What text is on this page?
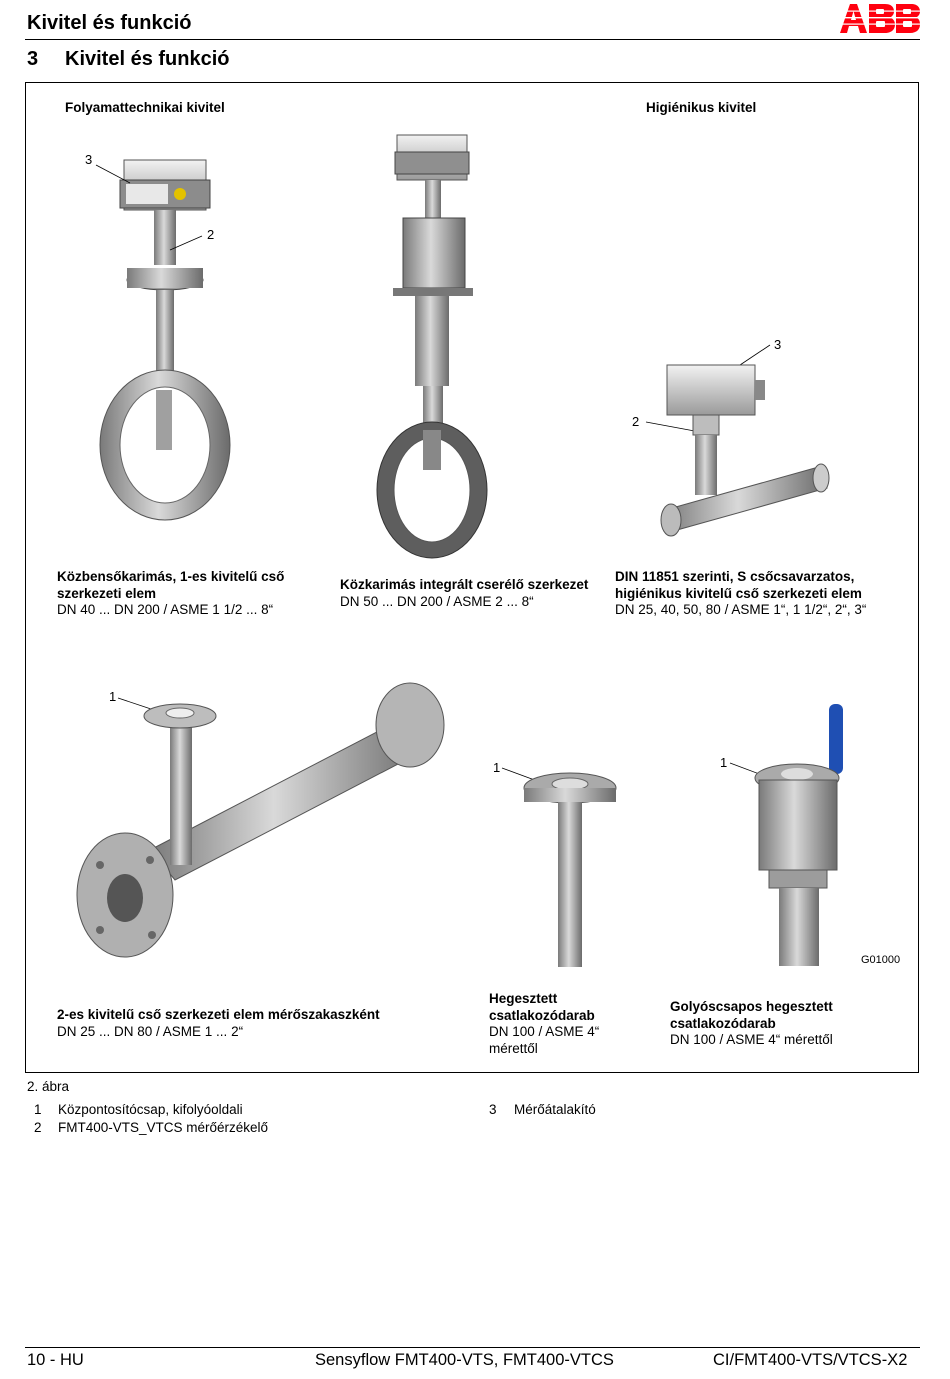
Kivitel és funkció
3 Kivitel és funkció
Folyamattechnikai kivitel	Higiénikus kivitel
3
2
3
2
Közbensőkarimás, 1-es kivitelű cső szerkezeti elem
DN 40 ... DN 200 / ASME 1 1/2 ... 8“
Közkarimás integrált cserélő szerkezet
DN 50 ... DN 200 / ASME 2 ... 8“
DIN 11851 szerinti, S csőcsavarzatos, higiénikus kivitelű cső szerkezeti elem
DN 25, 40, 50, 80 / ASME 1“, 1 1/2“, 2“, 3“
1
1	1
G01000
2-es kivitelű cső szerkezeti elem mérőszakaszként
DN 25 ... DN 80 / ASME 1 ... 2“
Hegesztett csatlakozódarab
DN 100 / ASME 4“ mérettől
Golyóscsapos hegesztett csatlakozódarab
DN 100 / ASME 4“ mérettől
2. ábra
1 Központosítócsap, kifolyóoldali
2 FMT400-VTS_VTCS mérőérzékelő
3 Mérőátalakító
10 - HU	Sensyflow FMT400-VTS, FMT400-VTCS	CI/FMT400-VTS/VTCS-X2
